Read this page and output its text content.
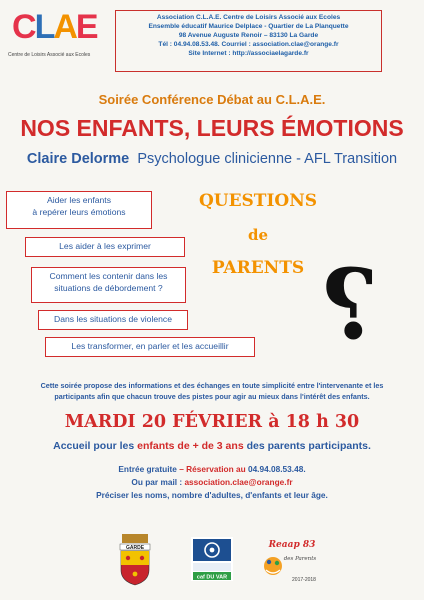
CLAE
Centre de Loisirs Associé aux Ecoles
Association C.L.A.E. Centre de Loisirs Associé aux Ecoles
Ensemble éducatif Maurice Delplace - Quartier de La Planquette
98 Avenue Auguste Renoir – 83130 La Garde
Tél : 04.94.08.53.48. Courriel : association.clae@orange.fr
Site Internet : http://associaelagarde.fr
Soirée Conférence Débat au C.L.A.E.
NOS ENFANTS, LEURS ÉMOTIONS
Claire Delorme Psychologue clinicienne - AFL Transition
Aider les enfants
à repérer leurs émotions
Les aider à les exprimer
Comment les contenir dans les
situations de débordement ?
Dans les situations de violence
Les transformer, en parler et les accueillir
QUESTIONS
de
PARENTS ?
Cette soirée propose des informations et des échanges en toute simplicité entre l'intervenante et les participants afin que chacun trouve des pistes pour agir au mieux dans l'intérêt des enfants.
MARDI 20 FÉVRIER à 18 h 30
Accueil pour les enfants de + de 3 ans des parents participants.
Entrée gratuite – Réservation au 04.94.08.53.48.
Ou par mail : association.clae@orange.fr
Préciser les noms, nombre d'adultes, d'enfants et leur âge.
GARDE
caf DU VAR
Reaap 83
des Parents
2017-2018
